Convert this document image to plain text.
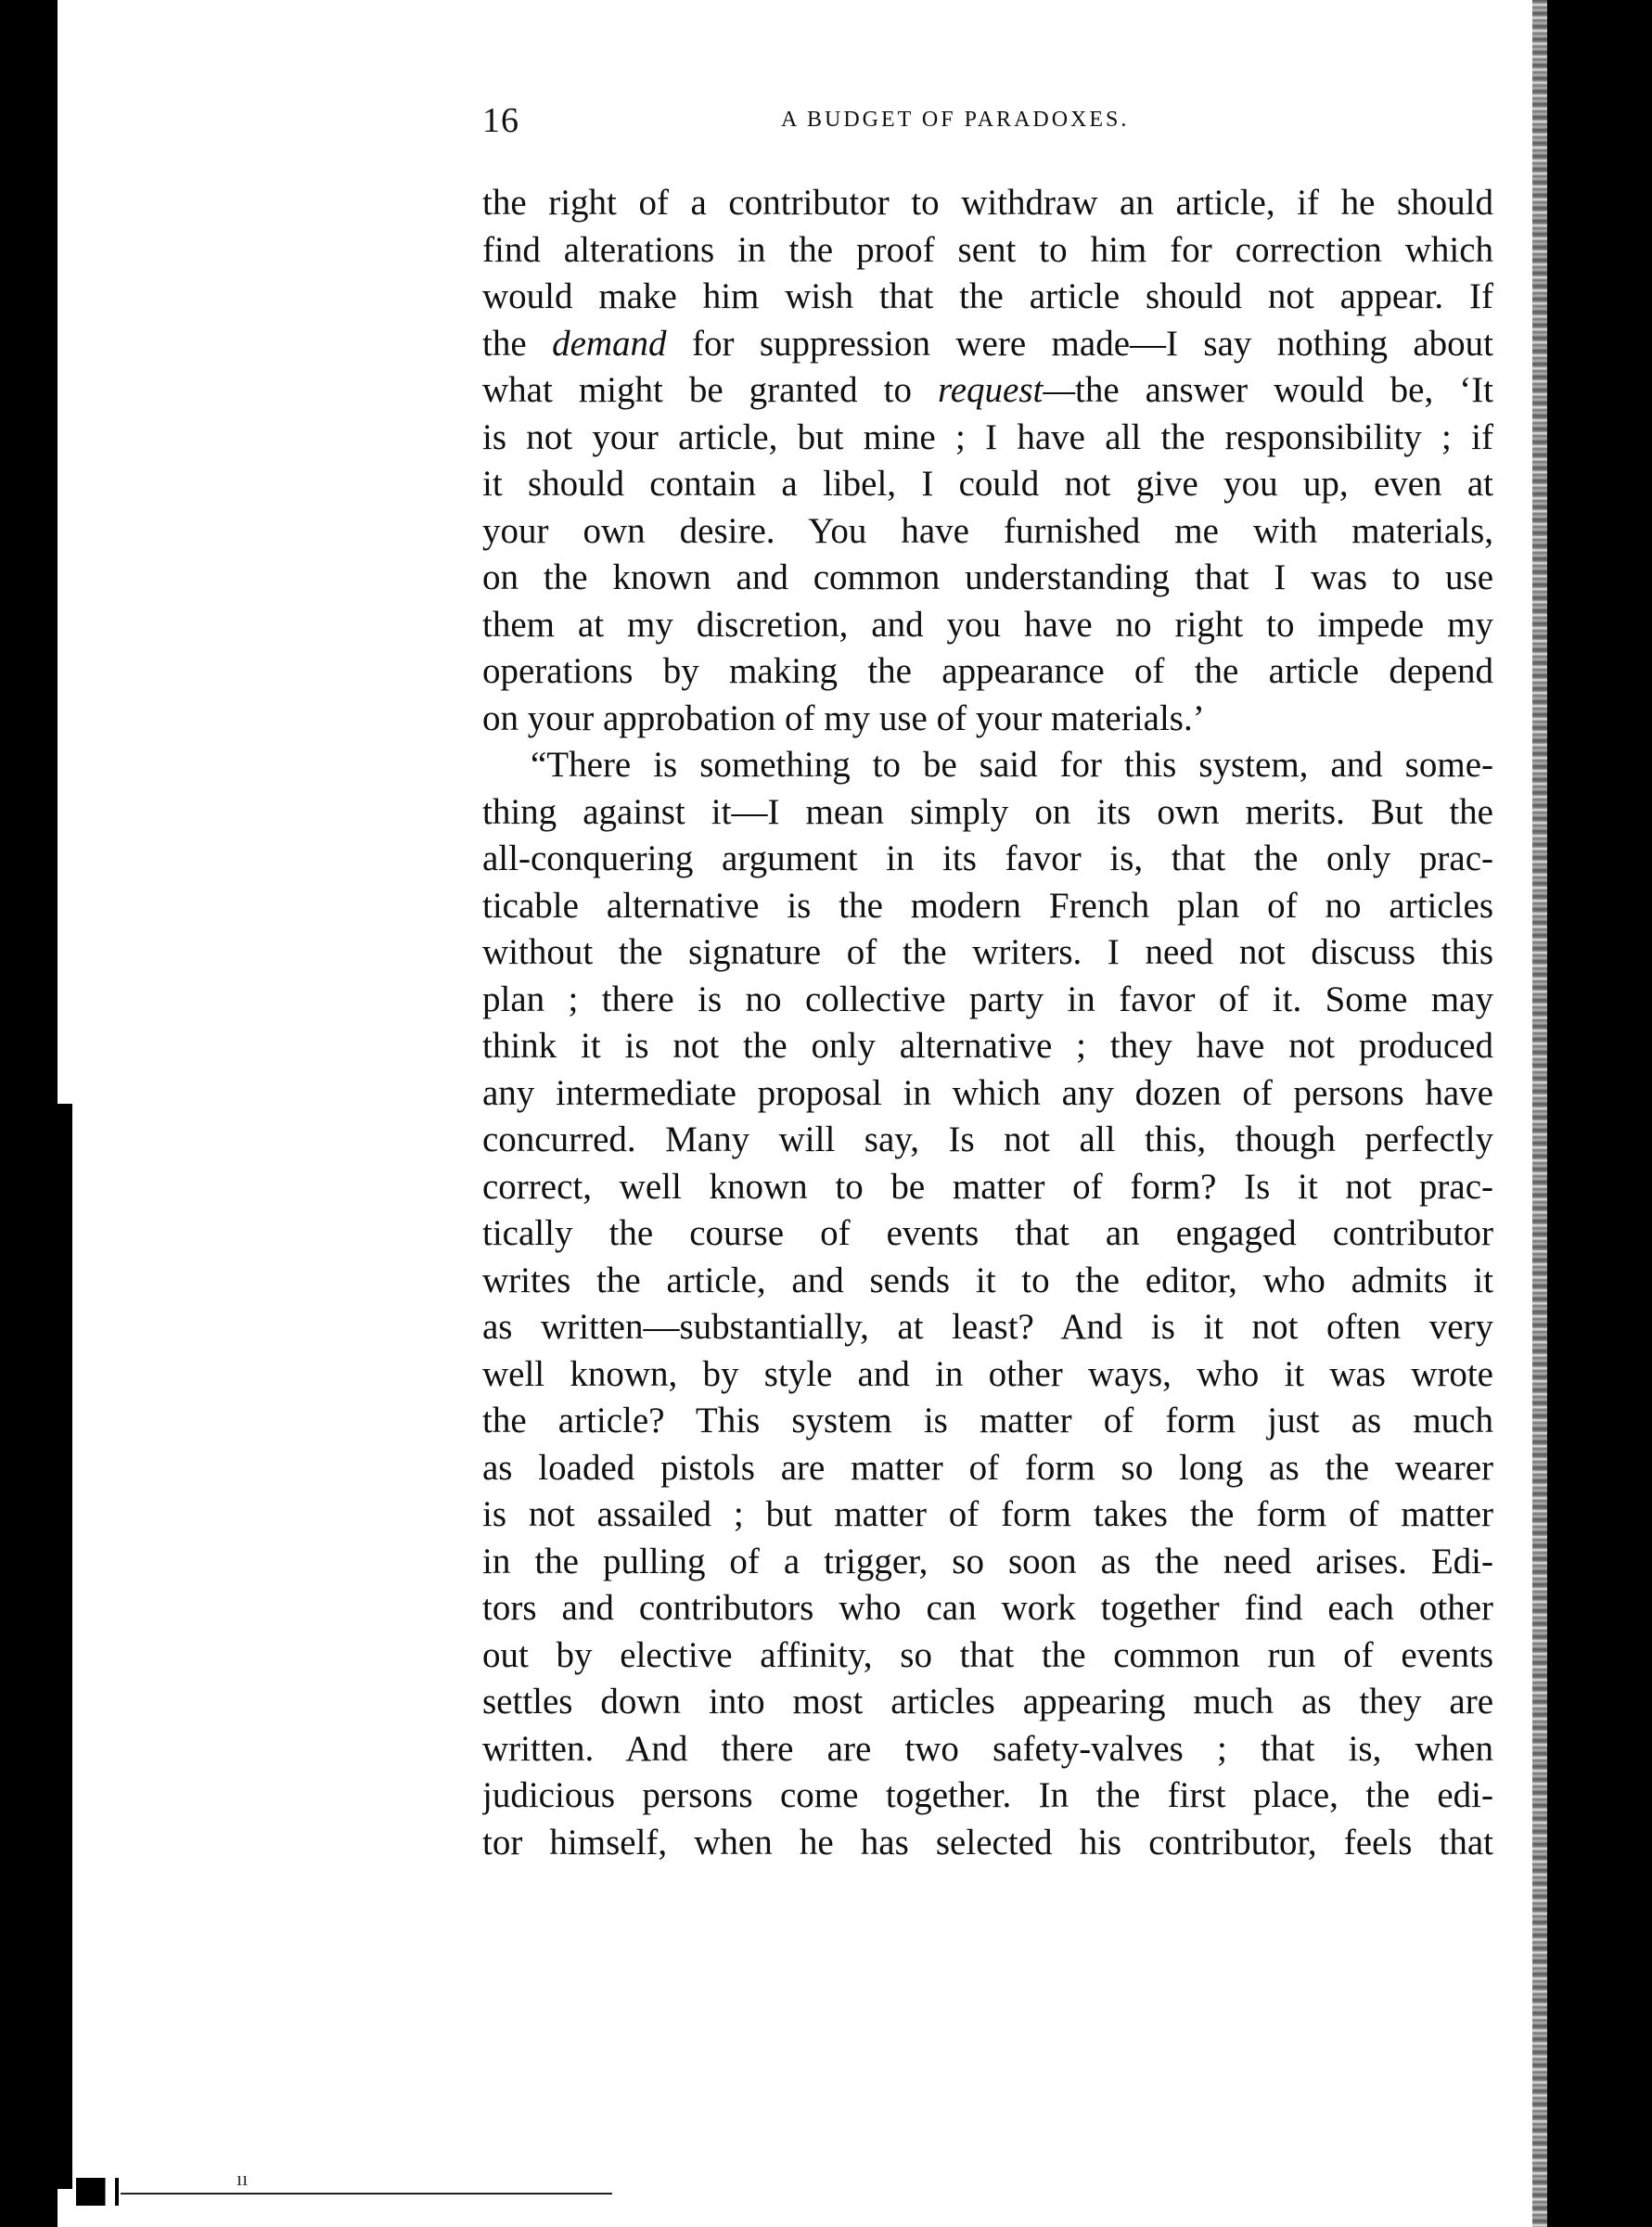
ıı
16	A BUDGET OF PARADOXES.
the right of a contributor to withdraw an article, if he should
find alterations in the proof sent to him for correction which
would make him wish that the article should not appear. If
the demand for suppression were made—I say nothing about
what might be granted to request—the answer would be, ‘It
is not your article, but mine ; I have all the responsibility ; if
it should contain a libel, I could not give you up, even at
your own desire. You have furnished me with materials,
on the known and common understanding that I was to use
them at my discretion, and you have no right to impede my
operations by making the appearance of the article depend
on your approbation of my use of your materials.’
“There is something to be said for this system, and some-
thing against it—I mean simply on its own merits. But the
all-conquering argument in its favor is, that the only prac-
ticable alternative is the modern French plan of no articles
without the signature of the writers. I need not discuss this
plan ; there is no collective party in favor of it. Some may
think it is not the only alternative ; they have not produced
any intermediate proposal in which any dozen of persons have
concurred. Many will say, Is not all this, though perfectly
correct, well known to be matter of form? Is it not prac-
tically the course of events that an engaged contributor
writes the article, and sends it to the editor, who admits it
as written—substantially, at least? And is it not often very
well known, by style and in other ways, who it was wrote
the article? This system is matter of form just as much
as loaded pistols are matter of form so long as the wearer
is not assailed ; but matter of form takes the form of matter
in the pulling of a trigger, so soon as the need arises. Edi-
tors and contributors who can work together find each other
out by elective affinity, so that the common run of events
settles down into most articles appearing much as they are
written. And there are two safety-valves ; that is, when
judicious persons come together. In the first place, the edi-
tor himself, when he has selected his contributor, feels that
